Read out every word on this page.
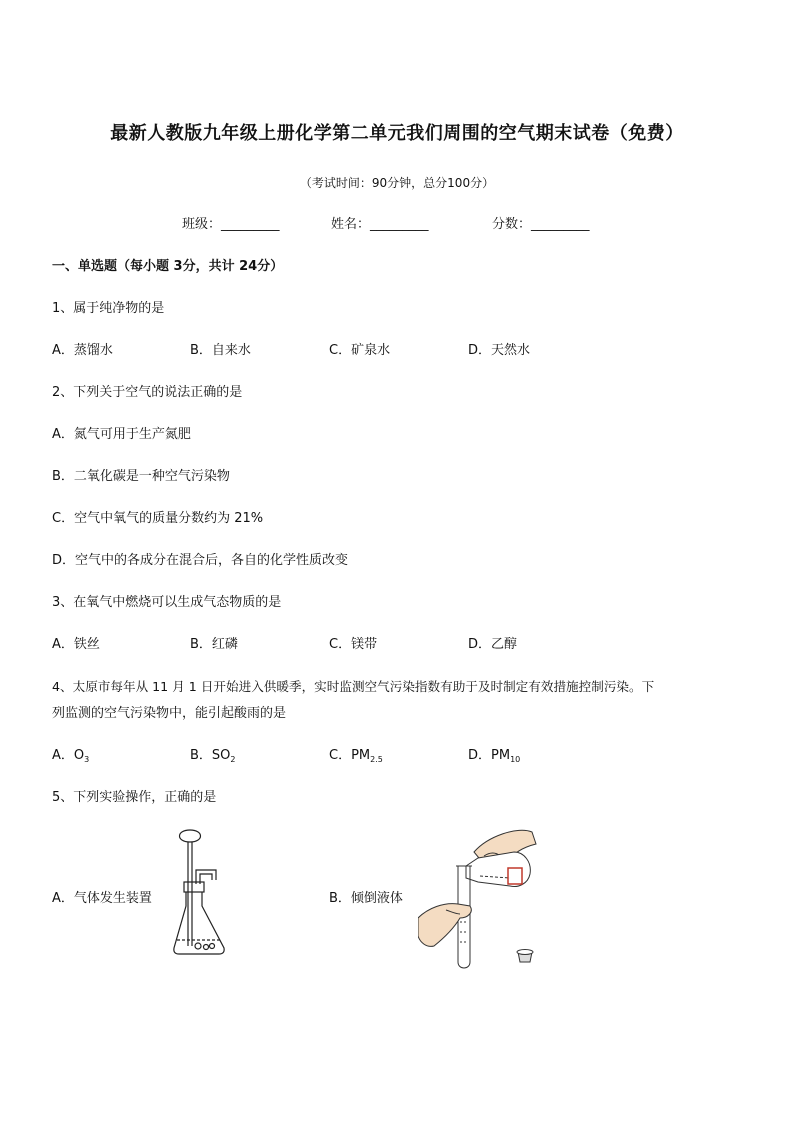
最新人教版九年级上册化学第二单元我们周围的空气期末试卷（免费）
（考试时间：90分钟，总分100分）
班级：_________	姓名：_________	分数：_________
一、单选题（每小题 3分，共计 24分）
1、属于纯净物的是
A．蒸馏水	B．自来水	C．矿泉水	D．天然水
2、下列关于空气的说法正确的是
A．氮气可用于生产氮肥
B．二氧化碳是一种空气污染物
C．空气中氧气的质量分数约为 21%
D．空气中的各成分在混合后，各自的化学性质改变
3、在氧气中燃烧可以生成气态物质的是
A．铁丝	B．红磷	C．镁带	D．乙醇
4、太原市每年从 11 月 1 日开始进入供暖季，实时监测空气污染指数有助于及时制定有效措施控制污染。下
列监测的空气污染物中，能引起酸雨的是
A．$O_3$	B．$SO_2$	C．$PM_{2.5}$	D．$PM_{10}$
5、下列实验操作，正确的是
A．气体发生装置	B．倾倒液体
